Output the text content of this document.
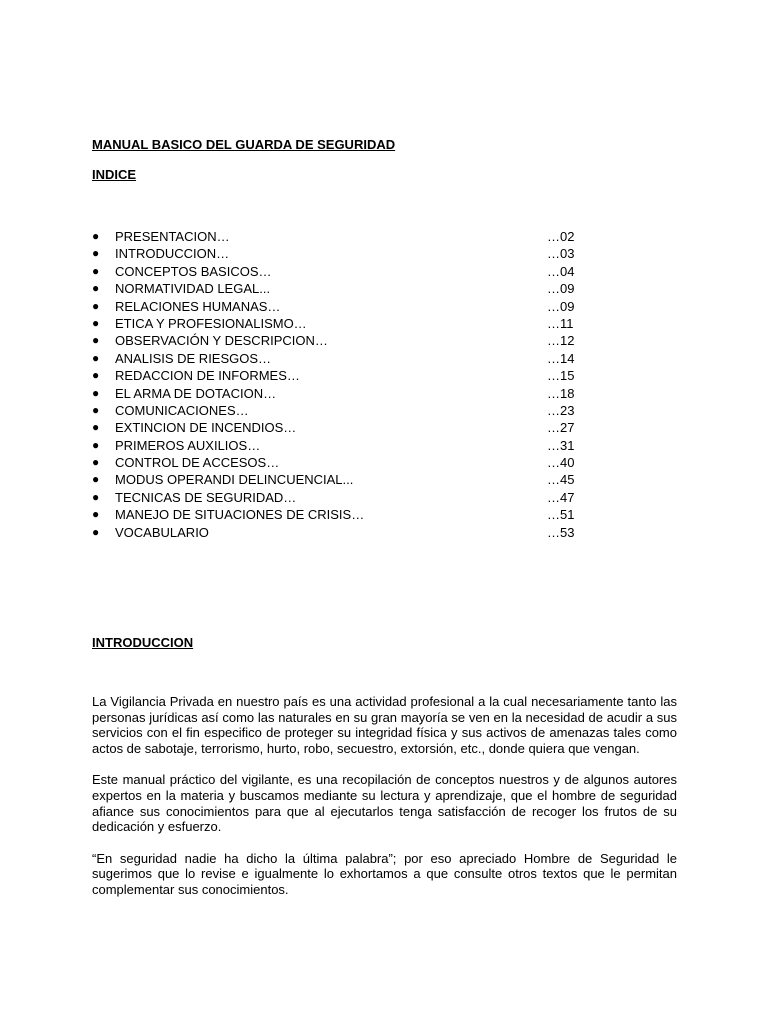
MANUAL BASICO DEL GUARDA DE SEGURIDAD
INDICE
● PRESENTACION…	…02
● INTRODUCCION…	…03
● CONCEPTOS BASICOS…	…04
● NORMATIVIDAD LEGAL...	…09
● RELACIONES HUMANAS…	…09
● ETICA Y PROFESIONALISMO…	…11
● OBSERVACIÓN Y DESCRIPCION…	…12
● ANALISIS DE RIESGOS…	…14
● REDACCION DE INFORMES…	…15
● EL ARMA DE DOTACION…	…18
● COMUNICACIONES…	…23
● EXTINCION DE INCENDIOS…	…27
● PRIMEROS AUXILIOS…	…31
● CONTROL DE ACCESOS…	…40
● MODUS OPERANDI DELINCUENCIAL...	…45
● TECNICAS DE SEGURIDAD…	…47
● MANEJO DE SITUACIONES DE CRISIS…	…51
● VOCABULARIO	…53
INTRODUCCION

La Vigilancia Privada en nuestro país es una actividad profesional a la cual necesariamente tanto las personas jurídicas así como las naturales en su gran mayoría se ven en la necesidad de acudir a sus servicios con el fin especifico de proteger su integridad física y sus activos de amenazas tales como actos de sabotaje, terrorismo, hurto, robo, secuestro, extorsión, etc., donde quiera que vengan.

Este manual práctico del vigilante, es una recopilación de conceptos nuestros y de algunos autores expertos en la materia y buscamos mediante su lectura y aprendizaje, que el hombre de seguridad afiance sus conocimientos para que al ejecutarlos tenga satisfacción de recoger los frutos de su dedicación y esfuerzo.

“En seguridad nadie ha dicho la última palabra”; por eso apreciado Hombre de Seguridad le sugerimos que lo revise e igualmente lo exhortamos a que consulte otros textos que le permitan complementar sus conocimientos.
